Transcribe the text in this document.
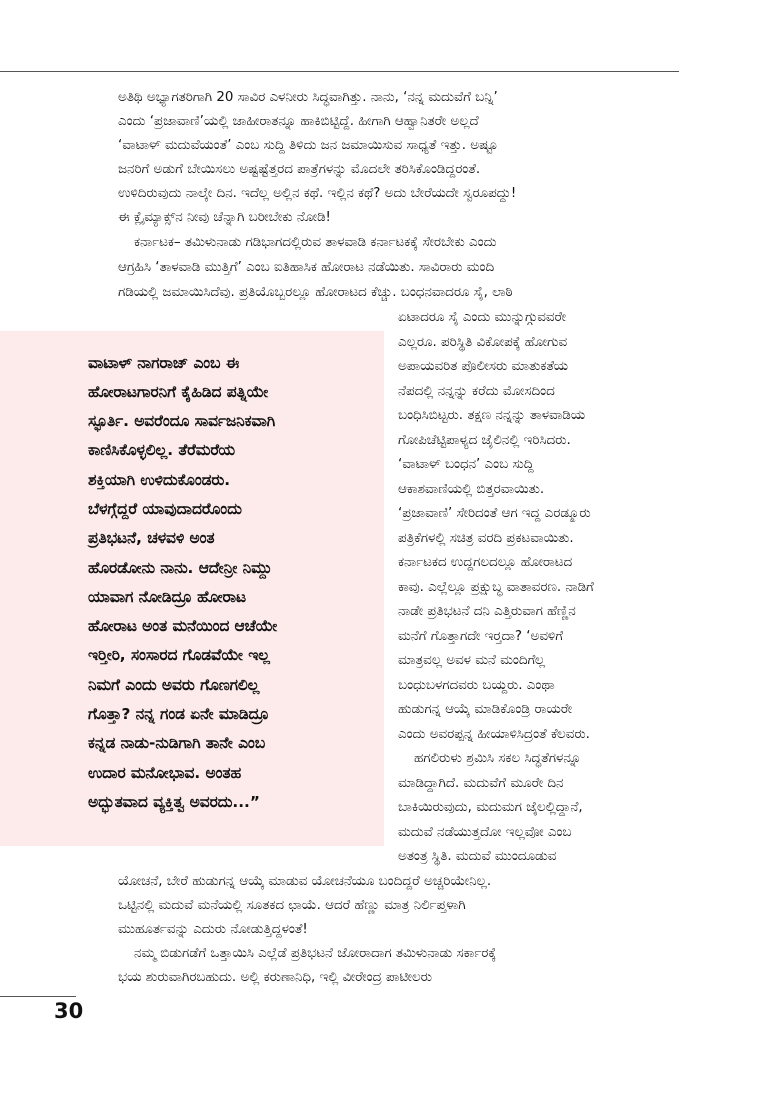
ಅತಿಥಿ ಅಭ್ಯಾಗತರಿಗಾಗಿ 20 ಸಾವಿರ ಎಳನೀರು ಸಿದ್ಧವಾಗಿತ್ತು. ನಾನು, ‘ನನ್ನ ಮದುವೆಗೆ ಬನ್ನಿ’
ಎಂದು ‘ಪ್ರಜಾವಾಣಿ’ಯಲ್ಲಿ ಜಾಹೀರಾತನ್ನೂ ಹಾಕಿಬಿಟ್ಟಿದ್ದೆ. ಹೀಗಾಗಿ ಆಹ್ವಾನಿತರೇ ಅಲ್ಲದೆ
‘ವಾಟಾಳ್ ಮದುವೆಯಂತೆ’ ಎಂಬ ಸುದ್ದಿ ತಿಳಿದು ಜನ ಜಮಾಯಿಸುವ ಸಾಧ್ಯತೆ ಇತ್ತು. ಅಷ್ಟೂ
ಜನರಿಗೆ ಅಡುಗೆ ಬೇಯಿಸಲು ಅಷ್ಟಷ್ಟೆತ್ತರದ ಪಾತ್ರೆಗಳನ್ನು ಮೊದಲೇ ತರಿಸಿಕೊಂಡಿದ್ದರಂತೆ.
ಉಳಿದಿರುವುದು ನಾಲ್ಕೇ ದಿನ. ಇದೆಲ್ಲ ಅಲ್ಲಿನ ಕಥೆ. ಇಲ್ಲಿನ ಕಥೆ? ಅದು ಬೇರೆಯದೇ ಸ್ವರೂಪದ್ದು!
ಈ ಕ್ಲೈಮ್ಯಾಕ್ಸ್‌ನ ನೀವು ಚೆನ್ನಾಗಿ ಬರೀಬೇಕು ನೋಡಿ!
ಕರ್ನಾಟಕ– ತಮಿಳುನಾಡು ಗಡಿಭಾಗದಲ್ಲಿರುವ ತಾಳವಾಡಿ ಕರ್ನಾಟಕಕ್ಕೆ ಸೇರಬೇಕು ಎಂದು
ಆಗ್ರಹಿಸಿ ‘ತಾಳವಾಡಿ ಮುತ್ತಿಗೆ’ ಎಂಬ ಐತಿಹಾಸಿಕ ಹೋರಾಟ ನಡೆಯಿತು. ಸಾವಿರಾರು ಮಂದಿ
ಗಡಿಯಲ್ಲಿ ಜಮಾಯಿಸಿದೆವು. ಪ್ರತಿಯೊಬ್ಬರಲ್ಲೂ ಹೋರಾಟದ ಕೆಚ್ಚು. ಬಂಧನವಾದರೂ ಸೈ, ಲಾಠಿ
ಏಟಾದರೂ ಸೈ ಎಂದು ಮುನ್ನುಗ್ಗುವವರೇ
ಎಲ್ಲರೂ. ಪರಿಸ್ಥಿತಿ ವಿಕೋಪಕ್ಕೆ ಹೋಗುವ
ಅಪಾಯವರಿತ ಪೊಲೀಸರು ಮಾತುಕತೆಯ
ನೆಪದಲ್ಲಿ ನನ್ನನ್ನು ಕರೆದು ಮೋಸದಿಂದ
ಬಂಧಿಸಿಬಿಟ್ಟರು. ತಕ್ಷಣ ನನ್ನನ್ನು ತಾಳವಾಡಿಯ
ಗೋಪಿಚೆಟ್ಟಿಪಾಳ್ಯದ ಜೈಲಿನಲ್ಲಿ ಇರಿಸಿದರು.
‘ವಾಟಾಳ್ ಬಂಧನ’ ಎಂಬ ಸುದ್ದಿ
ಆಕಾಶವಾಣಿಯಲ್ಲಿ ಬಿತ್ತರವಾಯಿತು.
‘ಪ್ರಜಾವಾಣಿ’ ಸೇರಿದಂತೆ ಆಗ ಇದ್ದ ಎರಡ್ಮೂರು
ಪತ್ರಿಕೆಗಳಲ್ಲಿ ಸಚಿತ್ರ ವರದಿ ಪ್ರಕಟವಾಯಿತು.
ಕರ್ನಾಟಕದ ಉದ್ದಗಲದಲ್ಲೂ ಹೋರಾಟದ
ಕಾವು. ಎಲ್ಲೆಲ್ಲೂ ಪ್ರಕ್ಷುಬ್ಧ ವಾತಾವರಣ. ನಾಡಿಗೆ
ನಾಡೇ ಪ್ರತಿಭಟನೆ ದನಿ ಎತ್ತಿರುವಾಗ ಹೆಣ್ಣಿನ
ಮನೆಗೆ ಗೊತ್ತಾಗದೇ ಇರ್‍ತದಾ? ‘ಅವಳಿಗೆ
ಮಾತ್ರವಲ್ಲ ಅವಳ ಮನೆ ಮಂದಿಗೆಲ್ಲ
ಬಂಧುಬಳಗದವರು ಬಯ್ದರು. ಎಂಥಾ
ಹುಡುಗನ್ನ ಆಯ್ಕೆ ಮಾಡಿಕೊಂಡ್ರಿ ರಾಯರೇ
ಎಂದು ಅವರಪ್ಪನ್ನ ಹೀಯಾಳಿಸಿದ್ರಂತೆ ಕೆಲವರು.
ಹಗಲಿರುಳು ಶ್ರಮಿಸಿ ಸಕಲ ಸಿದ್ಧತೆಗಳನ್ನೂ
ಮಾಡಿದ್ದಾಗಿದೆ. ಮದುವೆಗೆ ಮೂರೇ ದಿನ
ಬಾಕಿಯಿರುವುದು, ಮದುಮಗ ಜೈಲಲ್ಲಿದ್ದಾನೆ,
ಮದುವೆ ನಡೆಯುತ್ತದೋ ಇಲ್ಲವೋ ಎಂಬ
ಅತಂತ್ರ ಸ್ಥಿತಿ. ಮದುವೆ ಮುಂದೂಡುವ
ವಾಟಾಳ್ ನಾಗರಾಜ್ ಎಂಬ ಈ
ಹೋರಾಟಗಾರನಿಗೆ ಕೈಹಿಡಿದ ಪತ್ನಿಯೇ
ಸ್ಫೂರ್ತಿ. ಅವರೆಂದೂ ಸಾರ್ವಜನಿಕವಾಗಿ
ಕಾಣಿಸಿಕೊಳ್ಳಲಿಲ್ಲ. ತೆರೆಮರೆಯ
ಶಕ್ತಿಯಾಗಿ ಉಳಿದುಕೊಂಡರು.
ಬೆಳಗ್ಗೆದ್ದರೆ ಯಾವುದಾದರೊಂದು
ಪ್ರತಿಭಟನೆ, ಚಳವಳಿ ಅಂತ
ಹೊರಡೋನು ನಾನು. ಆದೇನ್ರೀ ನಿಮ್ದು
ಯಾವಾಗ ನೋಡಿದ್ರೂ ಹೋರಾಟ
ಹೋರಾಟ ಅಂತ ಮನೆಯಿಂದ ಆಚೆಯೇ
ಇರ್‍ತೀರಿ, ಸಂಸಾರದ ಗೊಡವೆಯೇ ಇಲ್ಲ
ನಿಮಗೆ ಎಂದು ಅವರು ಗೊಣಗಲಿಲ್ಲ
ಗೊತ್ತಾ? ನನ್ನ ಗಂಡ ಏನೇ ಮಾಡಿದ್ರೂ
ಕನ್ನಡ ನಾಡು-ನುಡಿಗಾಗಿ ತಾನೇ ಎಂಬ
ಉದಾರ ಮನೋಭಾವ. ಅಂತಹ
ಅದ್ಭುತವಾದ ವ್ಯಕ್ತಿತ್ವ ಅವರದು...”
ಯೋಚನೆ, ಬೇರೆ ಹುಡುಗನ್ನ ಆಯ್ಕೆ ಮಾಡುವ ಯೋಚನೆಯೂ ಬಂದಿದ್ದರೆ ಅಚ್ಚರಿಯೇನಿಲ್ಲ.
ಒಟ್ಟಿನಲ್ಲಿ ಮದುವೆ ಮನೆಯಲ್ಲಿ ಸೂತಕದ ಛಾಯೆ. ಆದರೆ ಹೆಣ್ಣು ಮಾತ್ರ ನಿರ್ಲಿಪ್ತಳಾಗಿ
ಮುಹೂರ್ತವನ್ನು ಎದುರು ನೋಡುತ್ತಿದ್ದಳಂತೆ!
ನಮ್ಮ ಬಿಡುಗಡೆಗೆ ಒತ್ತಾಯಿಸಿ ಎಲ್ಲೆಡೆ ಪ್ರತಿಭಟನೆ ಜೋರಾದಾಗ ತಮಿಳುನಾಡು ಸರ್ಕಾರಕ್ಕೆ
ಭಯ ಶುರುವಾಗಿರಬಹುದು. ಅಲ್ಲಿ ಕರುಣಾನಿಧಿ, ಇಲ್ಲಿ ವೀರೇಂದ್ರ ಪಾಟೀಲರು
30
